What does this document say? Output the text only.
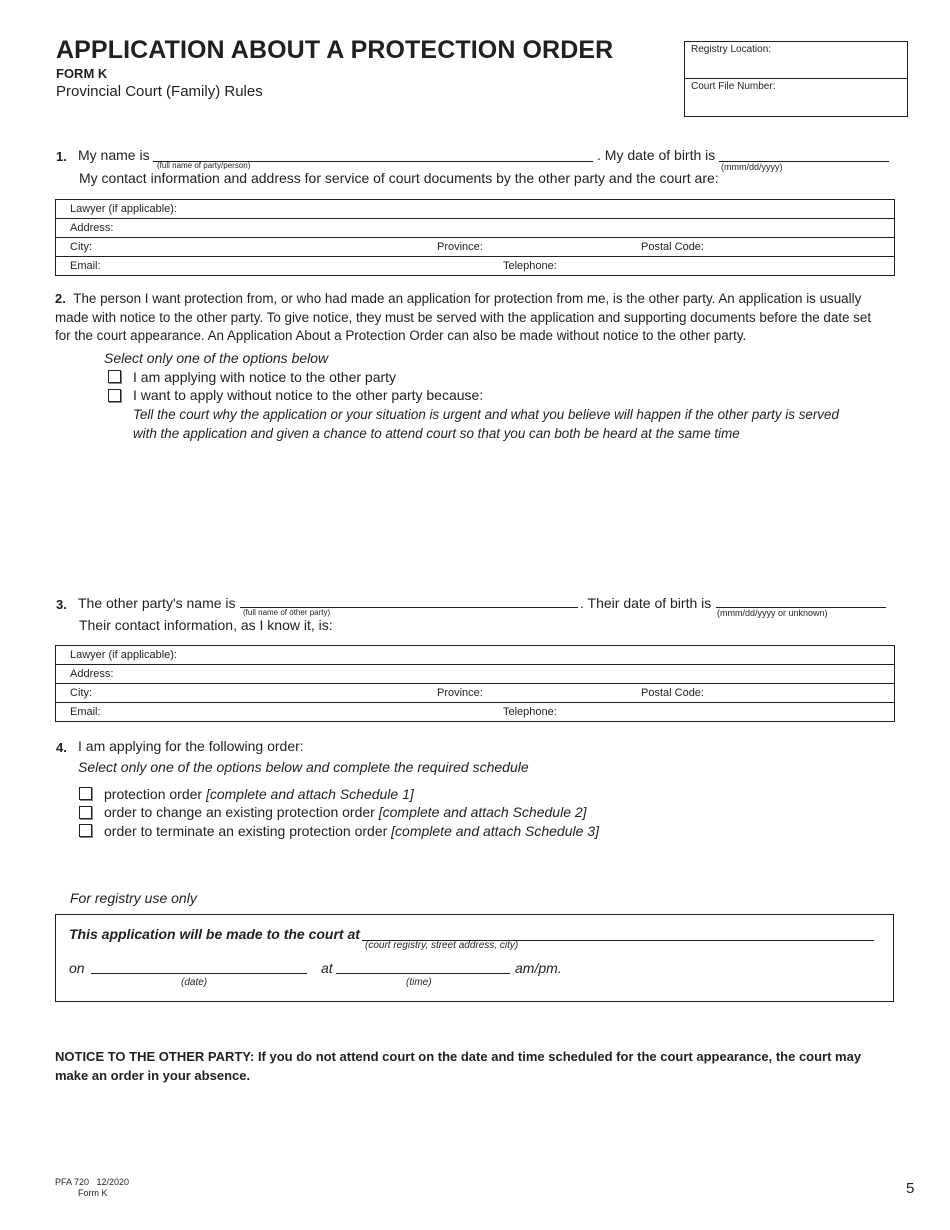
APPLICATION ABOUT A PROTECTION ORDER
FORM K
Provincial Court (Family) Rules
Registry Location:
Court File Number:
1. My name is
(full name of party/person)
. My date of birth is
(mmm/dd/yyyy)
My contact information and address for service of court documents by the other party and the court are:
Lawyer (if applicable):
Address:
City:	Province:	Postal Code:
Email:	Telephone:
2. The person I want protection from, or who had made an application for protection from me, is the other party. An application is usually made with notice to the other party. To give notice, they must be served with the application and supporting documents before the date set for the court appearance. An Application About a Protection Order can also be made without notice to the other party.
Select only one of the options below
I am applying with notice to the other party
I want to apply without notice to the other party because:
Tell the court why the application or your situation is urgent and what you believe will happen if the other party is served with the application and given a chance to attend court so that you can both be heard at the same time
3. The other party's name is
(full name of other party)
. Their date of birth is
(mmm/dd/yyyy or unknown)
Their contact information, as I know it, is:
Lawyer (if applicable):
Address:
City:	Province:	Postal Code:
Email:	Telephone:
4. I am applying for the following order:
Select only one of the options below and complete the required schedule
protection order [complete and attach Schedule 1]
order to change an existing protection order [complete and attach Schedule 2]
order to terminate an existing protection order [complete and attach Schedule 3]
For registry use only
This application will be made to the court at
(court registry, street address, city)
on
(date)
at
(time)
am/pm.
NOTICE TO THE OTHER PARTY: If you do not attend court on the date and time scheduled for the court appearance, the court may make an order in your absence.
PFA 720   12/2020
Form K	5
